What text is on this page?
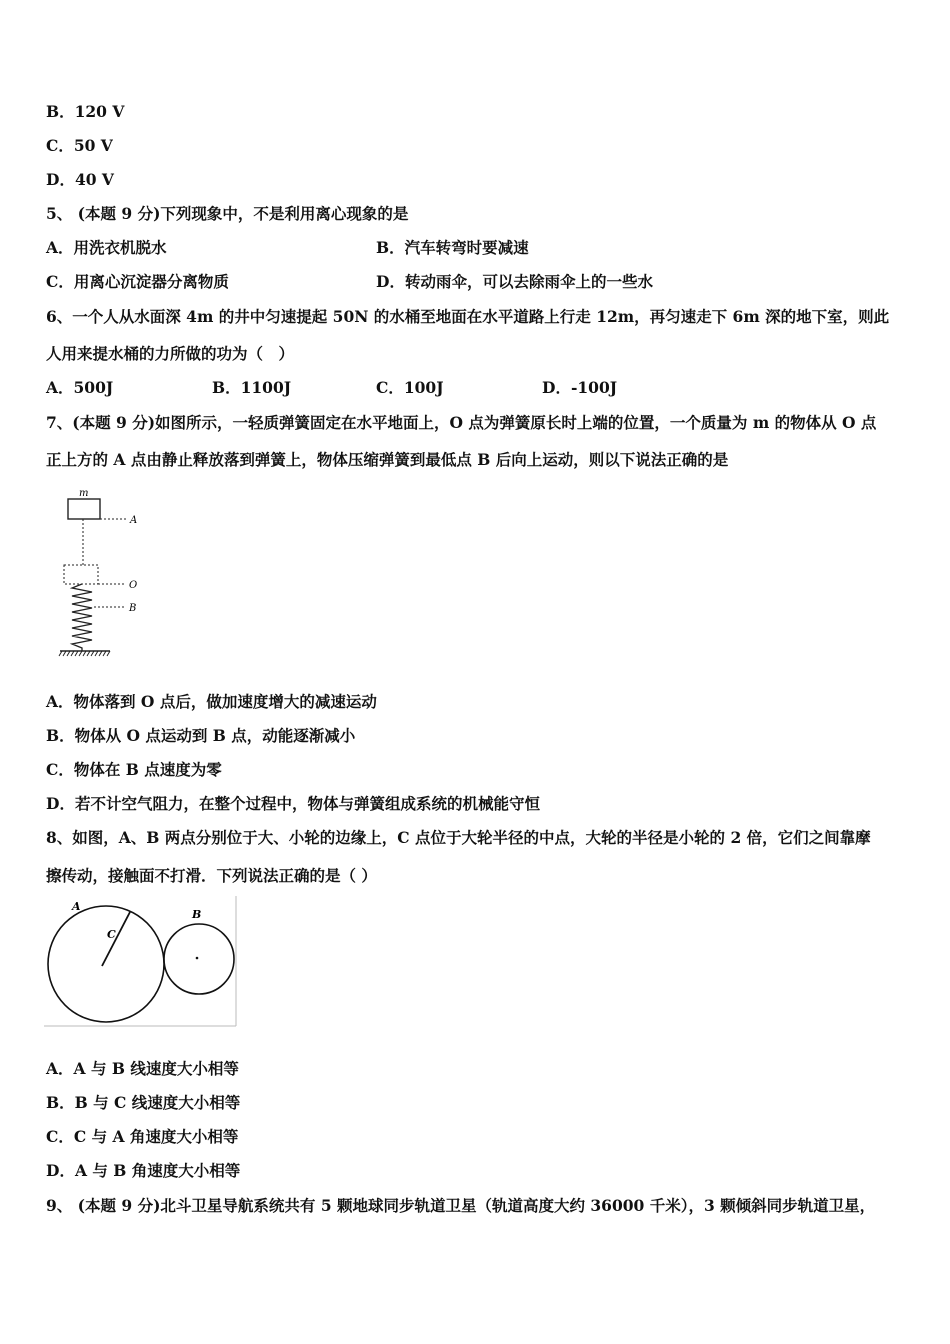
B．120 V
C．50 V
D．40 V
5、 (本题 9 分)下列现象中，不是利用离心现象的是
A．用洗衣机脱水	B．汽车转弯时要减速
C．用离心沉淀器分离物质	D．转动雨伞，可以去除雨伞上的一些水
6、一个人从水面深 4m 的井中匀速提起 50N 的水桶至地面在水平道路上行走 12m，再匀速走下 6m 深的地下室，则此
人用来提水桶的力所做的功为（　）
A．500J	B．1100J	C．100J	D．-100J
7、(本题 9 分)如图所示，一轻质弹簧固定在水平地面上，O 点为弹簧原长时上端的位置，一个质量为 m 的物体从 O 点
正上方的 A 点由静止释放落到弹簧上，物体压缩弹簧到最低点 B 后向上运动，则以下说法正确的是
m
A
O
B
A．物体落到 O 点后，做加速度增大的减速运动
B．物体从 O 点运动到 B 点，动能逐渐减小
C．物体在 B 点速度为零
D．若不计空气阻力，在整个过程中，物体与弹簧组成系统的机械能守恒
8、如图，A、B 两点分别位于大、小轮的边缘上，C 点位于大轮半径的中点，大轮的半径是小轮的 2 倍，它们之间靠摩
擦传动，接触面不打滑．下列说法正确的是（ ）
A
C
B
A．A 与 B 线速度大小相等
B．B 与 C 线速度大小相等
C．C 与 A 角速度大小相等
D．A 与 B 角速度大小相等
9、 (本题 9 分)北斗卫星导航系统共有 5 颗地球同步轨道卫星（轨道高度大约 36000 千米），3 颗倾斜同步轨道卫星，
